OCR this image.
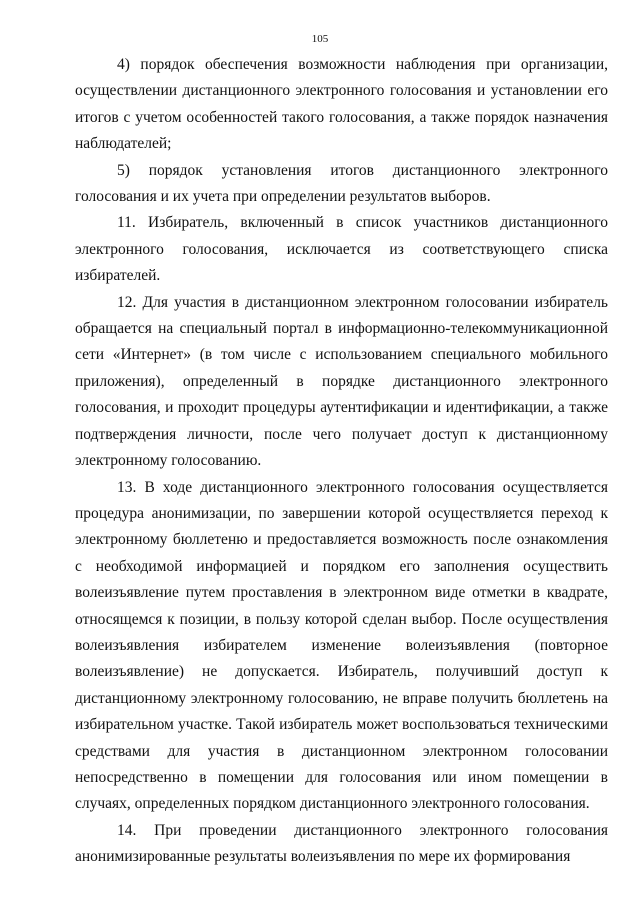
105

4) порядок обеспечения возможности наблюдения при организации, осуществлении дистанционного электронного голосования и установлении его итогов с учетом особенностей такого голосования, а также порядок назначения наблюдателей;

5) порядок установления итогов дистанционного электронного голосования и их учета при определении результатов выборов.

11. Избиратель, включенный в список участников дистанционного электронного голосования, исключается из соответствующего списка избирателей.

12. Для участия в дистанционном электронном голосовании избиратель обращается на специальный портал в информационно-телекоммуникационной сети «Интернет» (в том числе с использованием специального мобильного приложения), определенный в порядке дистанционного электронного голосования, и проходит процедуры аутентификации и идентификации, а также подтверждения личности, после чего получает доступ к дистанционному электронному голосованию.

13. В ходе дистанционного электронного голосования осуществляется процедура анонимизации, по завершении которой осуществляется переход к электронному бюллетеню и предоставляется возможность после ознакомления с необходимой информацией и порядком его заполнения осуществить волеизъявление путем проставления в электронном виде отметки в квадрате, относящемся к позиции, в пользу которой сделан выбор. После осуществления волеизъявления избирателем изменение волеизъявления (повторное волеизъявление) не допускается. Избиратель, получивший доступ к дистанционному электронному голосованию, не вправе получить бюллетень на избирательном участке. Такой избиратель может воспользоваться техническими средствами для участия в дистанционном электронном голосовании непосредственно в помещении для голосования или ином помещении в случаях, определенных порядком дистанционного электронного голосования.

14. При проведении дистанционного электронного голосования анонимизированные результаты волеизъявления по мере их формирования
